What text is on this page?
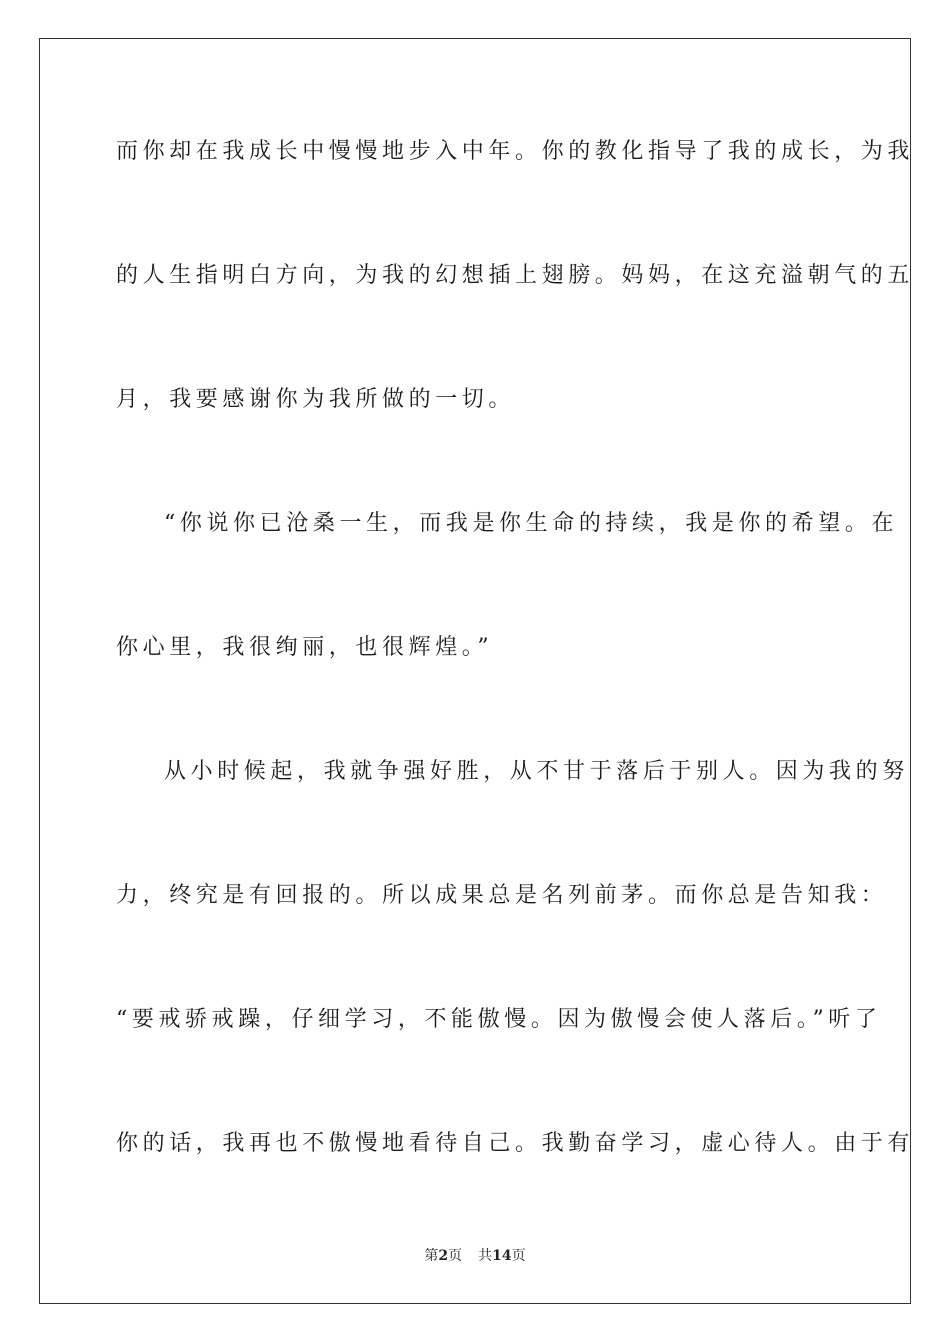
而你却在我成长中慢慢地步入中年。你的教化指导了我的成长，为我
的人生指明白方向，为我的幻想插上翅膀。妈妈，在这充溢朝气的五
月，我要感谢你为我所做的一切。
“你说你已沧桑一生，而我是你生命的持续，我是你的希望。在
你心里，我很绚丽，也很辉煌。”
从小时候起，我就争强好胜，从不甘于落后于别人。因为我的努
力，终究是有回报的。所以成果总是名列前茅。而你总是告知我：
“要戒骄戒躁，仔细学习，不能傲慢。因为傲慢会使人落后。”听了
你的话，我再也不傲慢地看待自己。我勤奋学习，虚心待人。由于有
第2页 共14页
